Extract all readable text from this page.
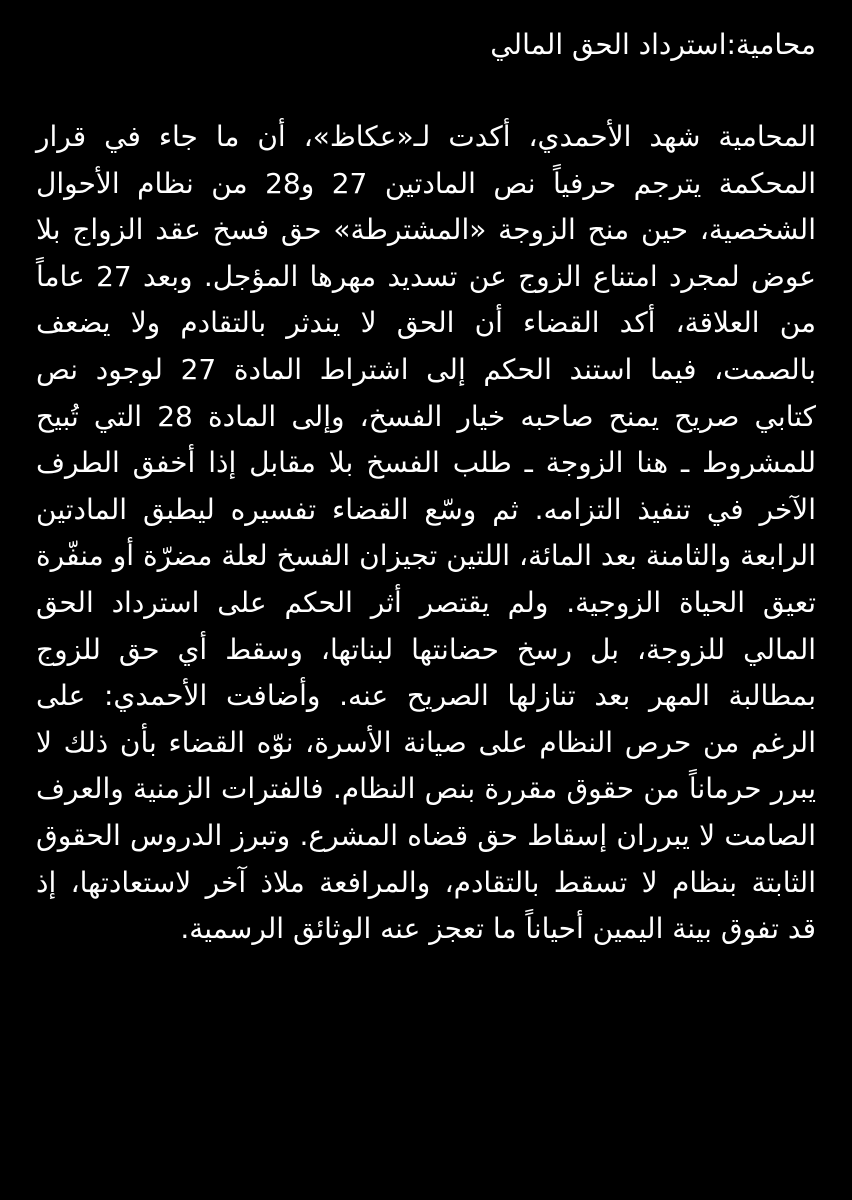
محامية:استرداد الحق المالي
المحامية شهد الأحمدي، أكدت لـ«عكاظ»، أن ما جاء في قرار
المحكمة يترجم حرفياً نص المادتين 27 و28 من نظام الأحوال
الشخصية، حين منح الزوجة «المشترطة» حق فسخ عقد الزواج بلا
عوض لمجرد امتناع الزوج عن تسديد مهرها المؤجل. وبعد 27 عاماً
من العلاقة، أكد القضاء أن الحق لا يندثر بالتقادم ولا يضعف
بالصمت، فيما استند الحكم إلى اشتراط المادة 27 لوجود نص
كتابي صريح يمنح صاحبه خيار الفسخ، وإلى المادة 28 التي تُبيح
للمشروط ـ هنا الزوجة ـ طلب الفسخ بلا مقابل إذا أخفق الطرف
الآخر في تنفيذ التزامه. ثم وسّع القضاء تفسيره ليطبق المادتين
الرابعة والثامنة بعد المائة، اللتين تجيزان الفسخ لعلة مضرّة أو منفّرة
تعيق الحياة الزوجية. ولم يقتصر أثر الحكم على استرداد الحق
المالي للزوجة، بل رسخ حضانتها لبناتها، وسقط أي حق للزوج
بمطالبة المهر بعد تنازلها الصريح عنه. وأضافت الأحمدي: على
الرغم من حرص النظام على صيانة الأسرة، نوّه القضاء بأن ذلك لا
يبرر حرماناً من حقوق مقررة بنص النظام. فالفترات الزمنية والعرف
الصامت لا يبرران إسقاط حق قضاه المشرع. وتبرز الدروس الحقوق
الثابتة بنظام لا تسقط بالتقادم، والمرافعة ملاذ آخر لاستعادتها، إذ
قد تفوق بينة اليمين أحياناً ما تعجز عنه الوثائق الرسمية.
